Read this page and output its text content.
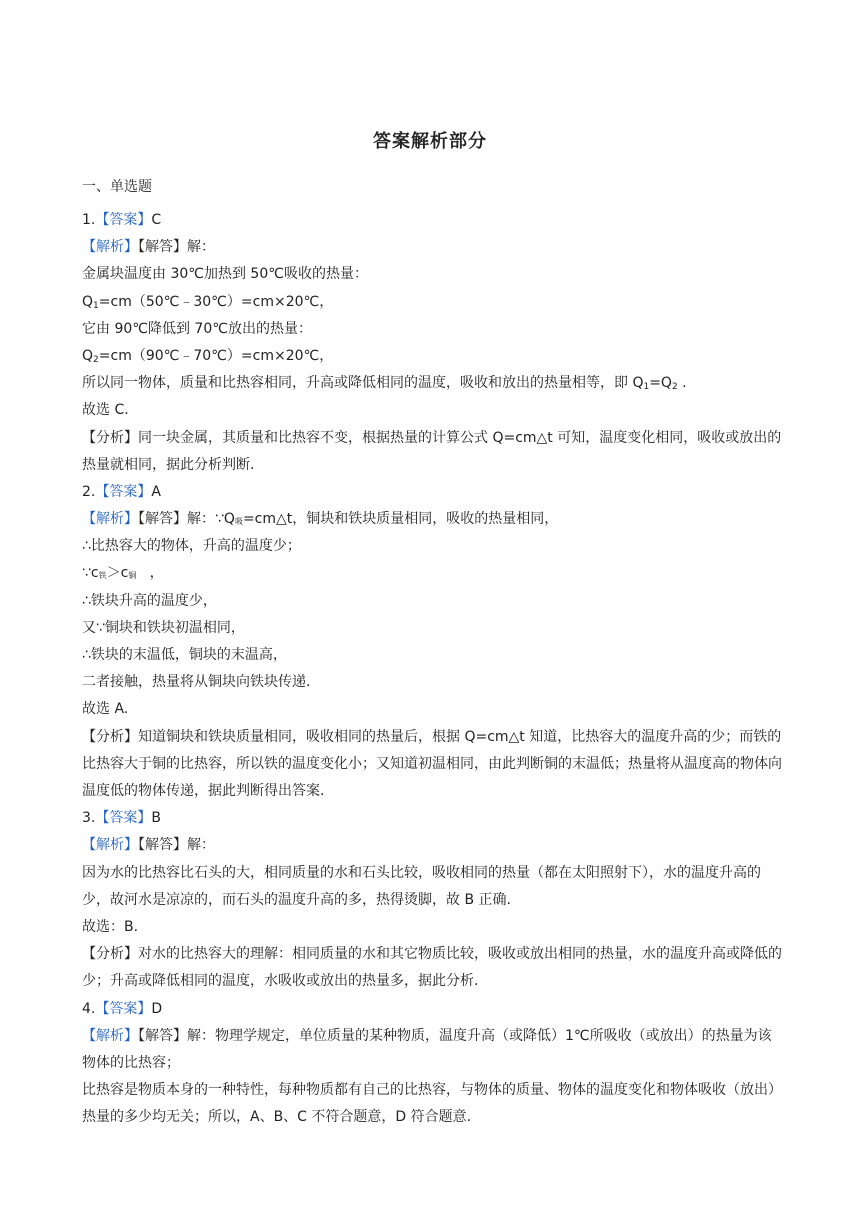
答案解析部分
一、单选题
1.【答案】C
【解析】【解答】解：
金属块温度由 30℃加热到 50℃吸收的热量：
$Q_1=cm(50℃﹣30℃)=cm\times 20℃$，
它由 90℃降低到 70℃放出的热量：
$Q_2=cm(90℃﹣70℃)=cm\times 20℃$，
所以同一物体，质量和比热容相同，升高或降低相同的温度，吸收和放出的热量相等，即 $Q_1=Q_2$ .
故选 C.
【分析】同一块金属，其质量和比热容不变，根据热量的计算公式 Q=cm△t 可知，温度变化相同，吸收或放出的热量就相同，据此分析判断.
2.【答案】A
【解析】【解答】解：$\because Q_吸=cm\triangle t$，铜块和铁块质量相同，吸收的热量相同，
∴比热容大的物体，升高的温度少；
$\because c_铁>c_铜$   ，
∴铁块升高的温度少，
又∵铜块和铁块初温相同，
∴铁块的末温低，铜块的末温高，
二者接触，热量将从铜块向铁块传递.
故选 A.
【分析】知道铜块和铁块质量相同，吸收相同的热量后，根据 Q=cm△t 知道，比热容大的温度升高的少；而铁的比热容大于铜的比热容，所以铁的温度变化小；又知道初温相同，由此判断铜的末温低；热量将从温度高的物体向温度低的物体传递，据此判断得出答案.
3.【答案】B
【解析】【解答】解：
因为水的比热容比石头的大，相同质量的水和石头比较，吸收相同的热量（都在太阳照射下），水的温度升高的少，故河水是凉凉的，而石头的温度升高的多，热得烫脚，故 B 正确.
故选：B.
【分析】对水的比热容大的理解：相同质量的水和其它物质比较，吸收或放出相同的热量，水的温度升高或降低的少；升高或降低相同的温度，水吸收或放出的热量多，据此分析.
4.【答案】D
【解析】【解答】解：物理学规定，单位质量的某种物质，温度升高（或降低）1℃所吸收（或放出）的热量为该物体的比热容；
比热容是物质本身的一种特性，每种物质都有自己的比热容，与物体的质量、物体的温度变化和物体吸收（放出）热量的多少均无关；所以，A、B、C 不符合题意，D 符合题意.
